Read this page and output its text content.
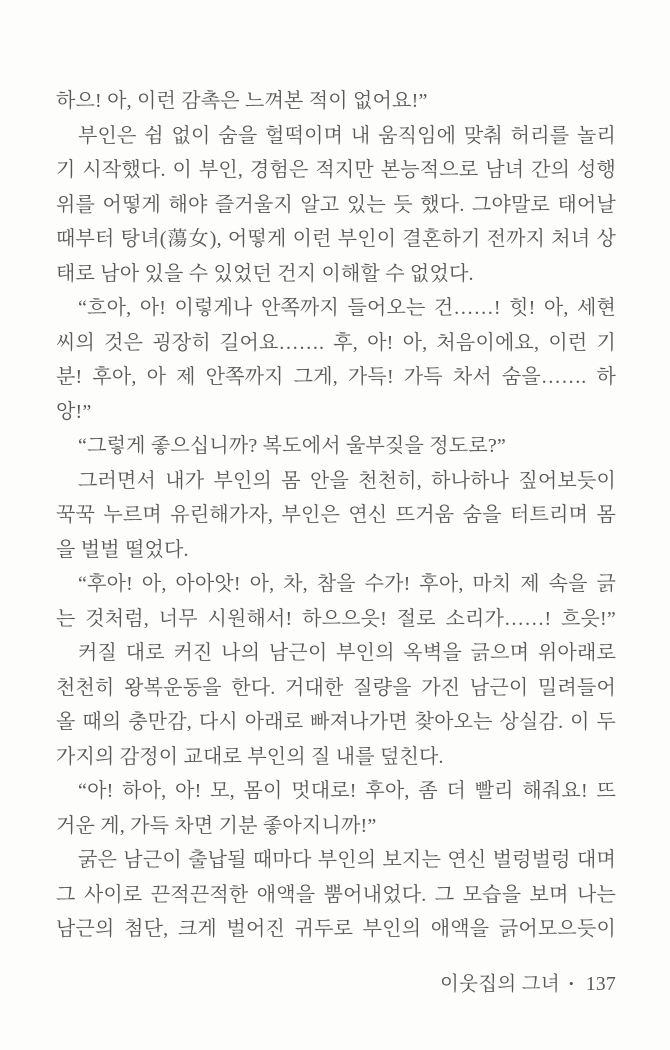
하으! 아, 이런 감촉은 느껴본 적이 없어요!”
부인은 쉼 없이 숨을 헐떡이며 내 움직임에 맞춰 허리를 놀리
기 시작했다. 이 부인, 경험은 적지만 본능적으로 남녀 간의 성행
위를 어떻게 해야 즐거울지 알고 있는 듯 했다. 그야말로 태어날
때부터 탕녀(蕩女), 어떻게 이런 부인이 결혼하기 전까지 처녀 상
태로 남아 있을 수 있었던 건지 이해할 수 없었다.
“흐아, 아! 이렇게나 안쪽까지 들어오는 건……! 힛! 아, 세현
씨의 것은 굉장히 길어요……. 후, 아! 아, 처음이에요, 이런 기
분! 후아, 아 제 안쪽까지 그게, 가득! 가득 차서 숨을……. 하
앙!”
“그렇게 좋으십니까? 복도에서 울부짖을 정도로?”
그러면서 내가 부인의 몸 안을 천천히, 하나하나 짚어보듯이
꾹꾹 누르며 유린해가자, 부인은 연신 뜨거움 숨을 터트리며 몸
을 벌벌 떨었다.
“후아! 아, 아아앗! 아, 차, 참을 수가! 후아, 마치 제 속을 긁
는 것처럼, 너무 시원해서! 하으으읏! 절로 소리가……! 흐읏!”
커질 대로 커진 나의 남근이 부인의 옥벽을 긁으며 위아래로
천천히 왕복운동을 한다. 거대한 질량을 가진 남근이 밀려들어
올 때의 충만감, 다시 아래로 빠져나가면 찾아오는 상실감. 이 두
가지의 감정이 교대로 부인의 질 내를 덮친다.
“아! 하아, 아! 모, 몸이 멋대로! 후아, 좀 더 빨리 해줘요! 뜨
거운 게, 가득 차면 기분 좋아지니까!”
굵은 남근이 출납될 때마다 부인의 보지는 연신 벌렁벌렁 대며
그 사이로 끈적끈적한 애액을 뿜어내었다. 그 모습을 보며 나는
남근의 첨단, 크게 벌어진 귀두로 부인의 애액을 긁어모으듯이
이웃집의 그녀 • 137
